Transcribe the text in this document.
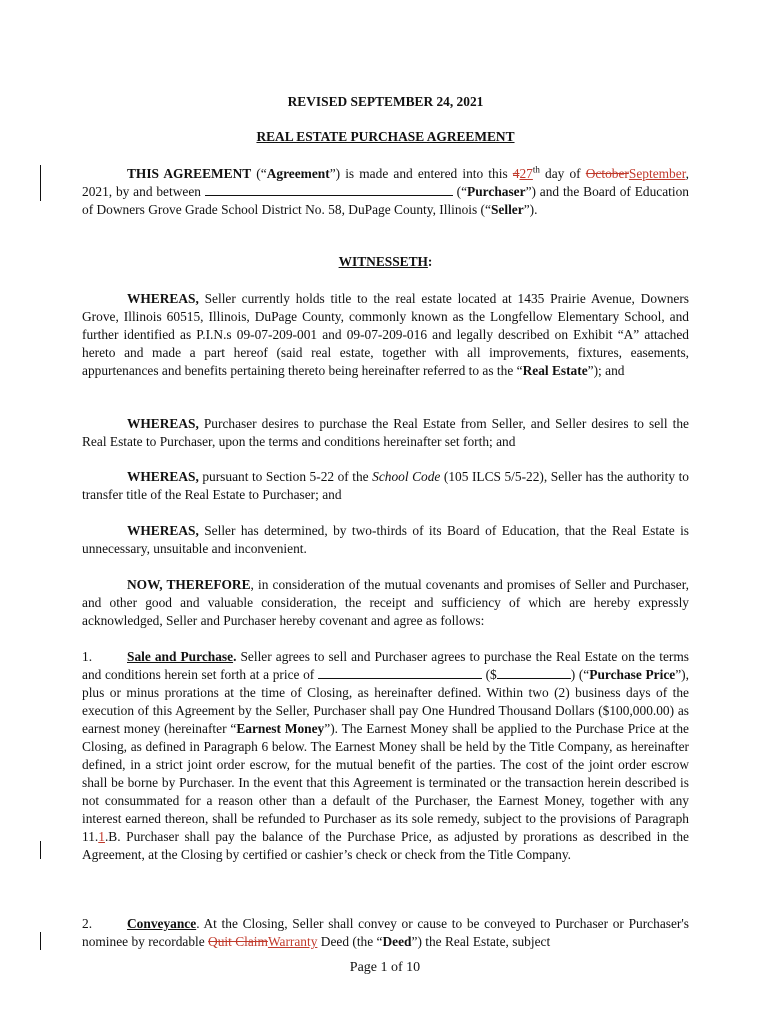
REVISED SEPTEMBER 24, 2021
REAL ESTATE PURCHASE AGREEMENT
THIS AGREEMENT (“Agreement”) is made and entered into this 427th day of OctoberSeptember, 2021, by and between	(“Purchaser”) and the Board of Education of Downers Grove Grade School District No. 58, DuPage County, Illinois (“Seller”).
WITNESSETH:
WHEREAS, Seller currently holds title to the real estate located at 1435 Prairie Avenue, Downers Grove, Illinois 60515, Illinois, DuPage County, commonly known as the Longfellow Elementary School, and further identified as P.I.N.s 09-07-209-001 and 09-07-209-016 and legally described on Exhibit “A” attached hereto and made a part hereof (said real estate, together with all improvements, fixtures, easements, appurtenances and benefits pertaining thereto being hereinafter referred to as the “Real Estate”); and
WHEREAS, Purchaser desires to purchase the Real Estate from Seller, and Seller desires to sell the Real Estate to Purchaser, upon the terms and conditions hereinafter set forth; and
WHEREAS, pursuant to Section 5-22 of the School Code (105 ILCS 5/5-22), Seller has the authority to transfer title of the Real Estate to Purchaser; and
WHEREAS, Seller has determined, by two-thirds of its Board of Education, that the Real Estate is unnecessary, unsuitable and inconvenient.
NOW, THEREFORE, in consideration of the mutual covenants and promises of Seller and Purchaser, and other good and valuable consideration, the receipt and sufficiency of which are hereby expressly acknowledged, Seller and Purchaser hereby covenant and agree as follows:
1.	Sale and Purchase. Seller agrees to sell and Purchaser agrees to purchase the Real Estate on the terms and conditions herein set forth at a price of	($	) (“Purchase Price”), plus or minus prorations at the time of Closing, as hereinafter defined. Within two (2) business days of the execution of this Agreement by the Seller, Purchaser shall pay One Hundred Thousand Dollars ($100,000.00) as earnest money (hereinafter “Earnest Money”). The Earnest Money shall be applied to the Purchase Price at the Closing, as defined in Paragraph 6 below. The Earnest Money shall be held by the Title Company, as hereinafter defined, in a strict joint order escrow, for the mutual benefit of the parties. The cost of the joint order escrow shall be borne by Purchaser. In the event that this Agreement is terminated or the transaction herein described is not consummated for a reason other than a default of the Purchaser, the Earnest Money, together with any interest earned thereon, shall be refunded to Purchaser as its sole remedy, subject to the provisions of Paragraph 11.1.B. Purchaser shall pay the balance of the Purchase Price, as adjusted by prorations as described in the Agreement, at the Closing by certified or cashier’s check or check from the Title Company.
2.	Conveyance. At the Closing, Seller shall convey or cause to be conveyed to Purchaser or Purchaser's nominee by recordable Quit ClaimWarranty Deed (the “Deed”) the Real Estate, subject
Page 1 of 10
